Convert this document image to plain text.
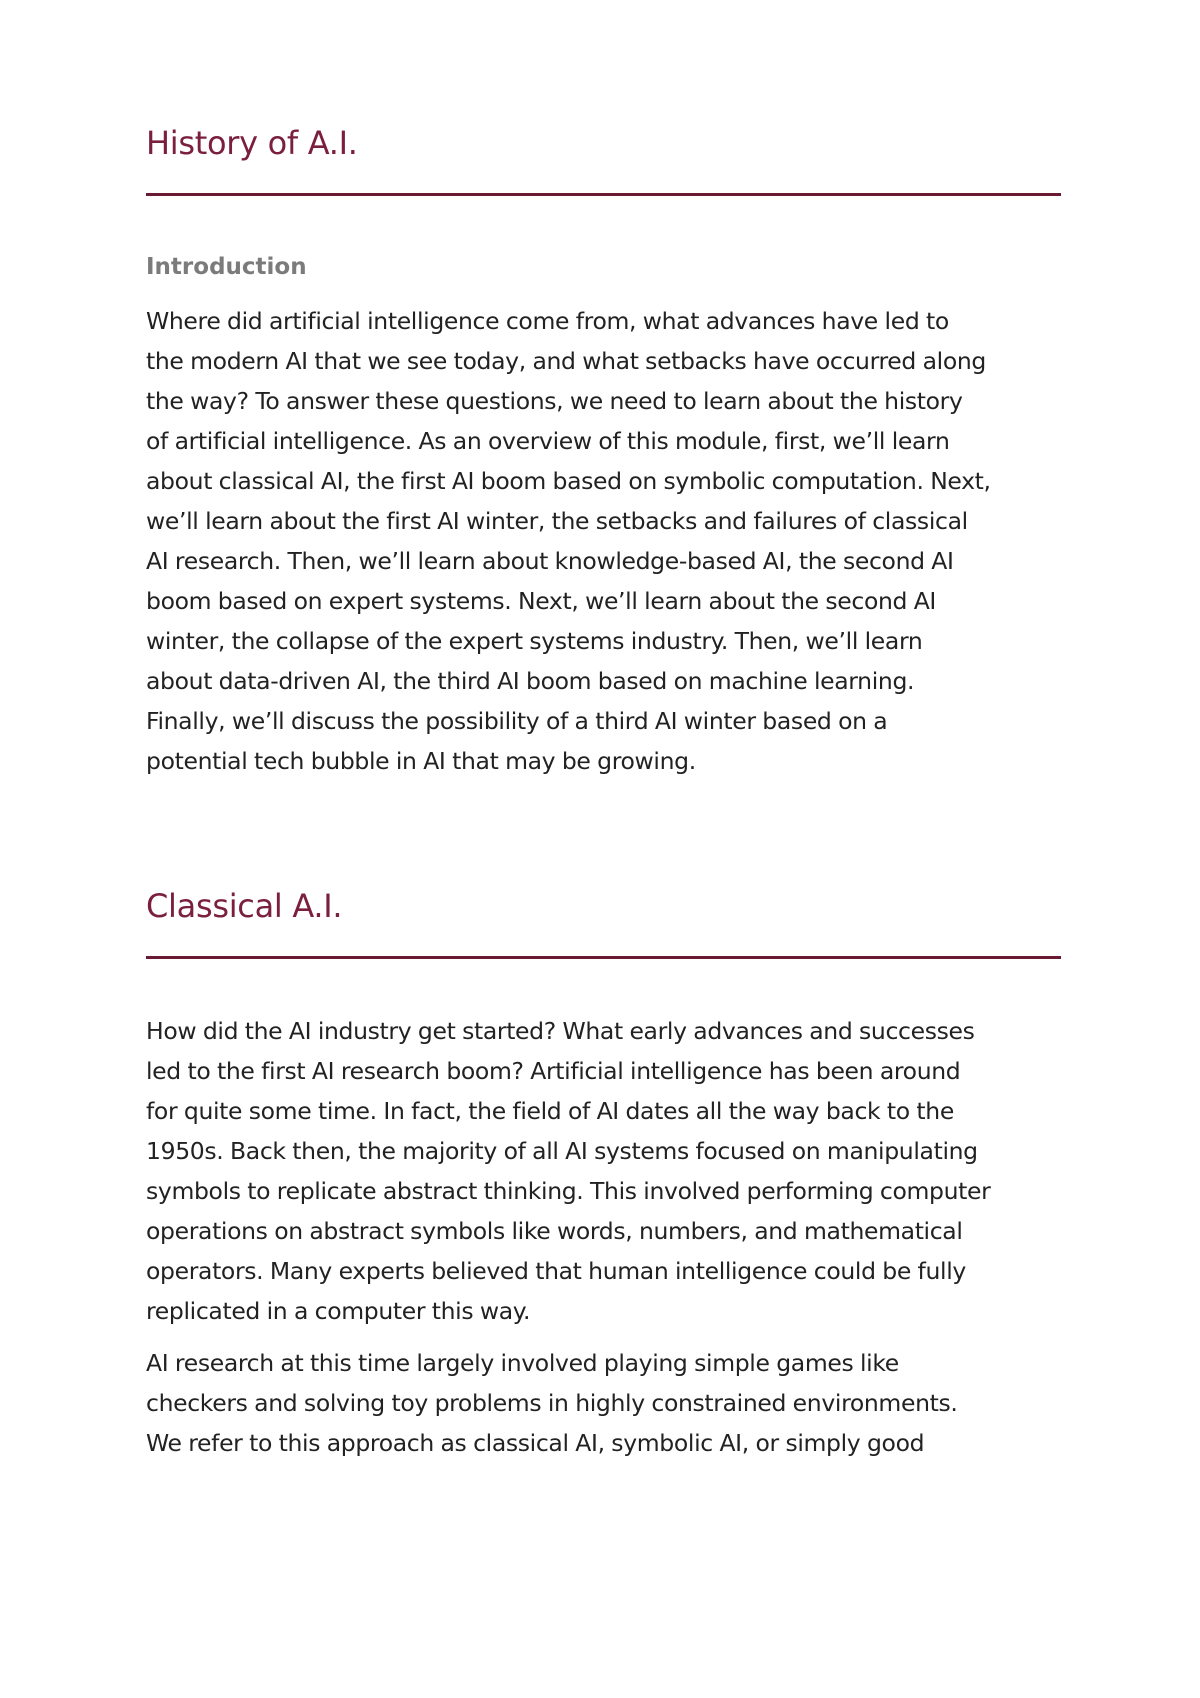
History of A.I.
Introduction

Where did artificial intelligence come from, what advances have led to
the modern AI that we see today, and what setbacks have occurred along
the way? To answer these questions, we need to learn about the history
of artificial intelligence. As an overview of this module, first, we’ll learn
about classical AI, the first AI boom based on symbolic computation. Next,
we’ll learn about the first AI winter, the setbacks and failures of classical
AI research. Then, we’ll learn about knowledge-based AI, the second AI
boom based on expert systems. Next, we’ll learn about the second AI
winter, the collapse of the expert systems industry. Then, we’ll learn
about data-driven AI, the third AI boom based on machine learning.
Finally, we’ll discuss the possibility of a third AI winter based on a
potential tech bubble in AI that may be growing.

Classical A.I.

How did the AI industry get started? What early advances and successes
led to the first AI research boom? Artificial intelligence has been around
for quite some time. In fact, the field of AI dates all the way back to the
1950s. Back then, the majority of all AI systems focused on manipulating
symbols to replicate abstract thinking. This involved performing computer
operations on abstract symbols like words, numbers, and mathematical
operators. Many experts believed that human intelligence could be fully
replicated in a computer this way.

AI research at this time largely involved playing simple games like
checkers and solving toy problems in highly constrained environments.
We refer to this approach as classical AI, symbolic AI, or simply good
